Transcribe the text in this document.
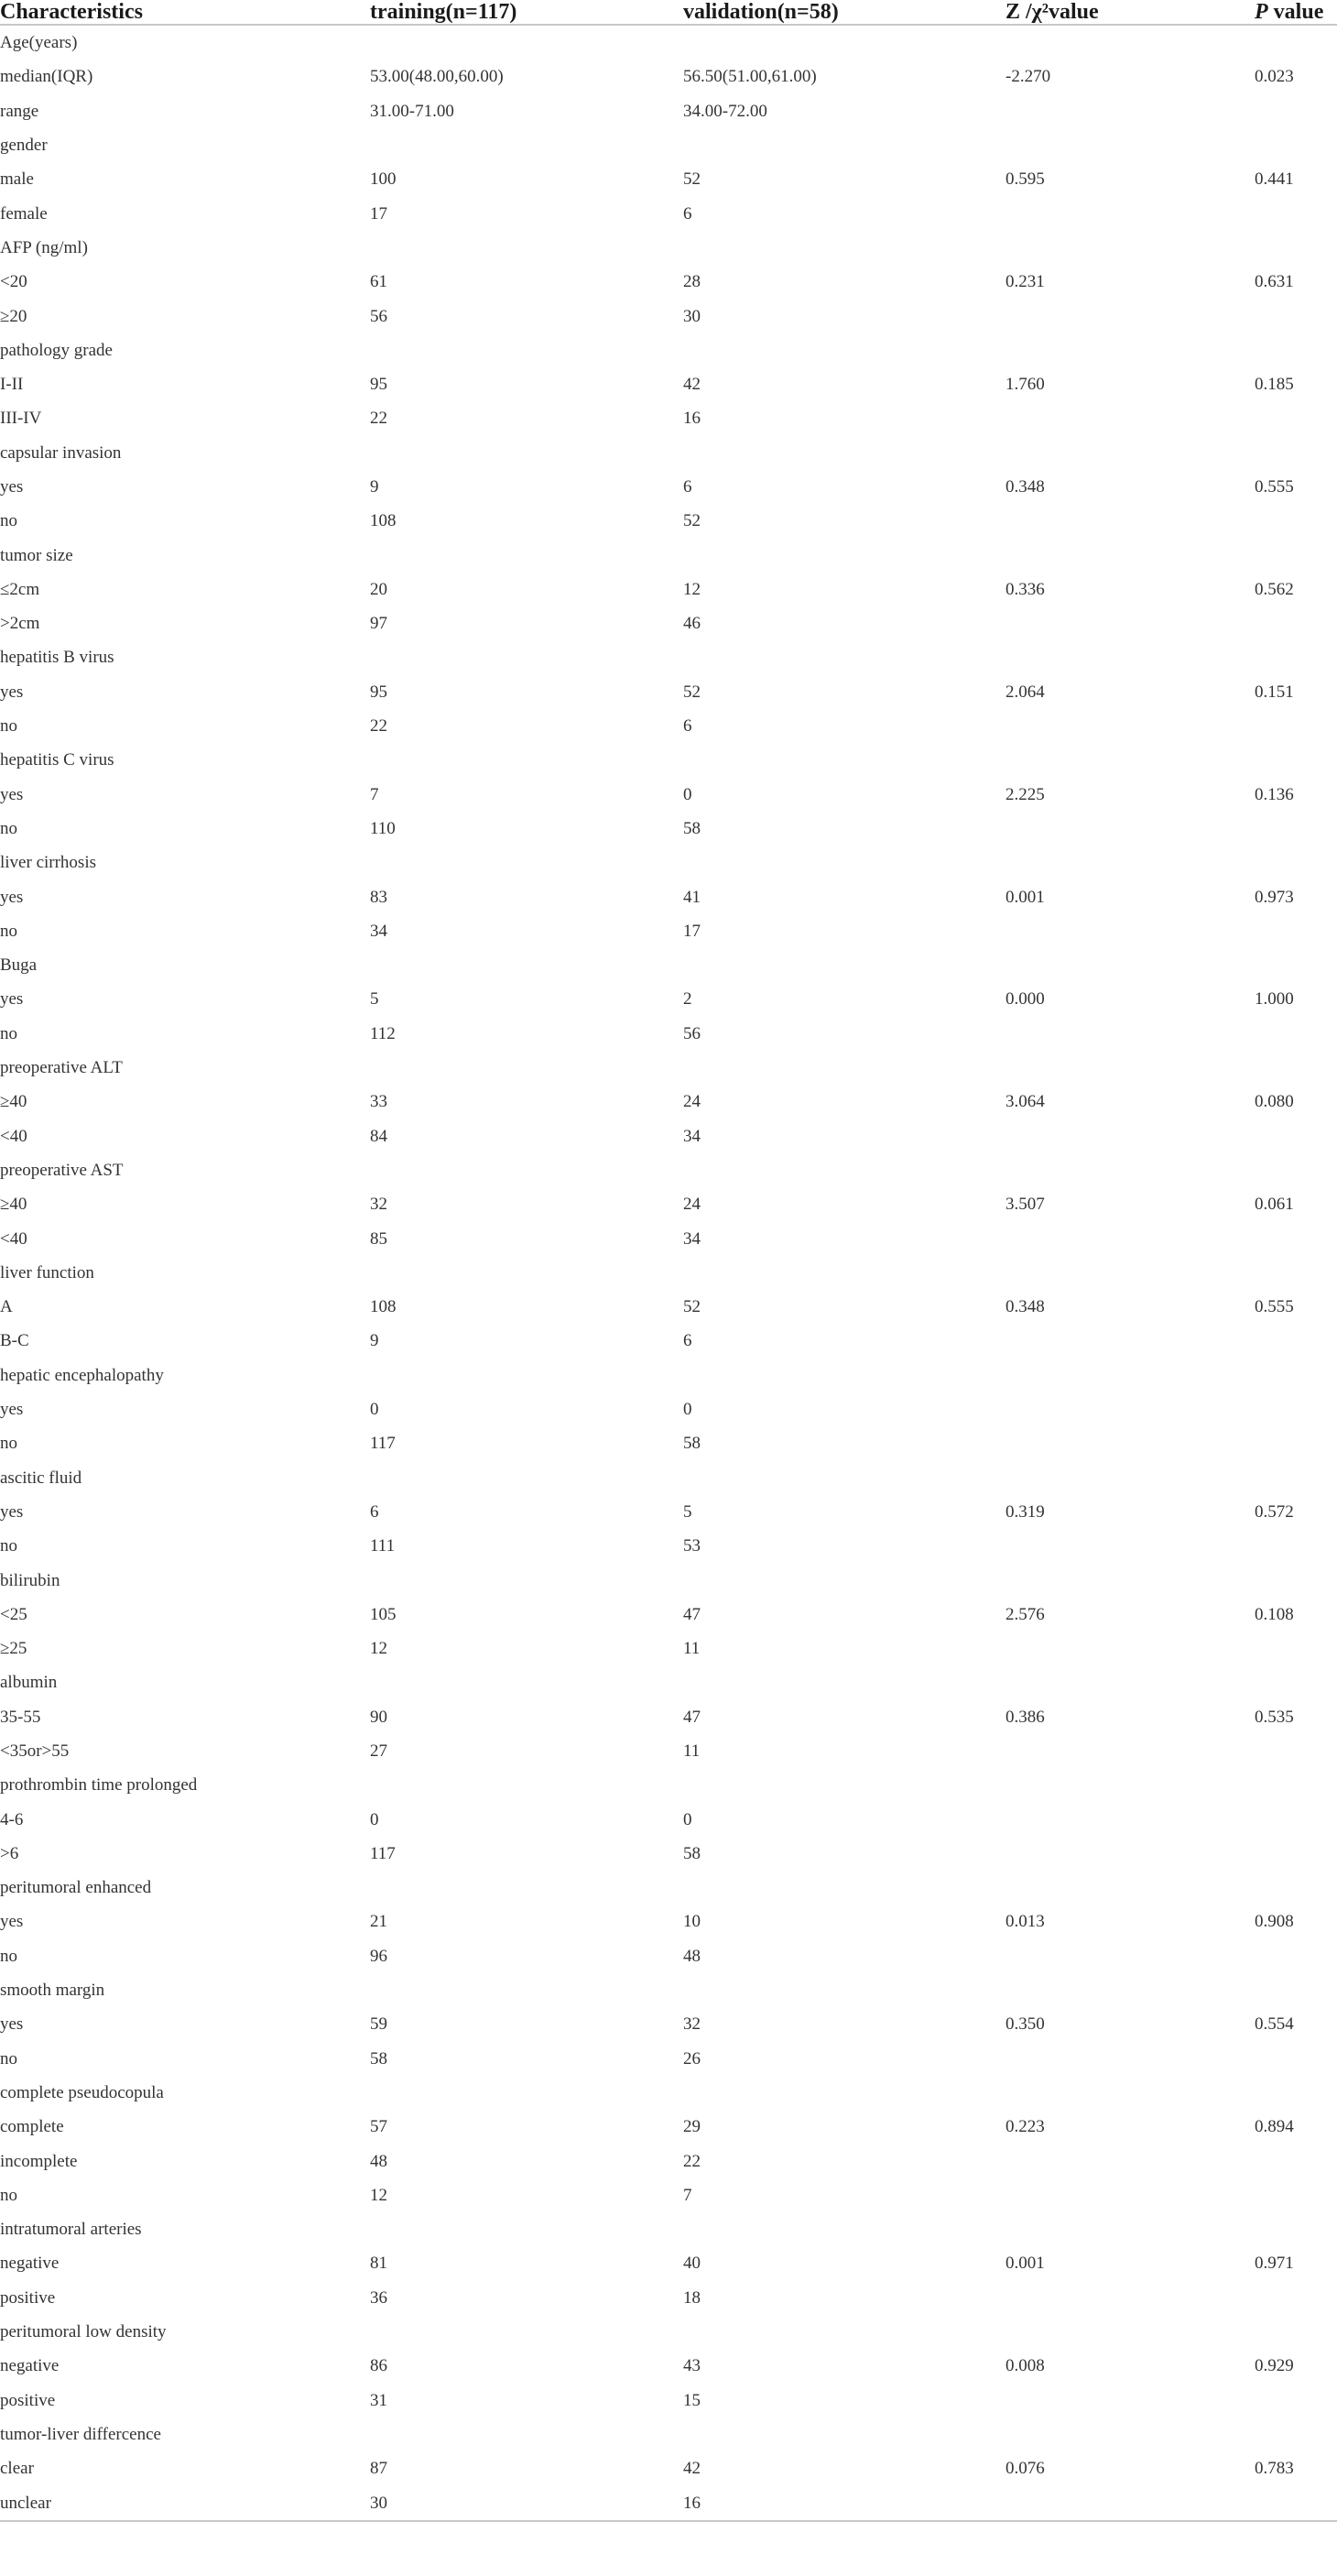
Characteristics	training(n=117)	validation(n=58)	Z /χ²value	P value
Age(years)				
median(IQR)	53.00(48.00,60.00)	56.50(51.00,61.00)	-2.270	0.023
range	31.00-71.00	34.00-72.00		
gender				
male	100	52	0.595	0.441
female	17	6		
AFP (ng/ml)				
<20	61	28	0.231	0.631
≥20	56	30		
pathology grade				
I-II	95	42	1.760	0.185
III-IV	22	16		
capsular invasion				
yes	9	6	0.348	0.555
no	108	52		
tumor size				
≤2cm	20	12	0.336	0.562
>2cm	97	46		
hepatitis B virus				
yes	95	52	2.064	0.151
no	22	6		
hepatitis C virus				
yes	7	0	2.225	0.136
no	110	58		
liver cirrhosis				
yes	83	41	0.001	0.973
no	34	17		
Buga				
yes	5	2	0.000	1.000
no	112	56		
preoperative ALT				
≥40	33	24	3.064	0.080
<40	84	34		
preoperative AST				
≥40	32	24	3.507	0.061
<40	85	34		
liver function				
A	108	52	0.348	0.555
B-C	9	6		
hepatic encephalopathy				
yes	0	0		
no	117	58		
ascitic fluid				
yes	6	5	0.319	0.572
no	111	53		
bilirubin				
<25	105	47	2.576	0.108
≥25	12	11		
albumin				
35-55	90	47	0.386	0.535
<35or>55	27	11		
prothrombin time prolonged				
4-6	0	0		
>6	117	58		
peritumoral enhanced				
yes	21	10	0.013	0.908
no	96	48		
smooth margin				
yes	59	32	0.350	0.554
no	58	26		
complete pseudocopula				
complete	57	29	0.223	0.894
incomplete	48	22		
no	12	7		
intratumoral arteries				
negative	81	40	0.001	0.971
positive	36	18		
peritumoral low density				
negative	86	43	0.008	0.929
positive	31	15		
tumor-liver differcence				
clear	87	42	0.076	0.783
unclear	30	16		
